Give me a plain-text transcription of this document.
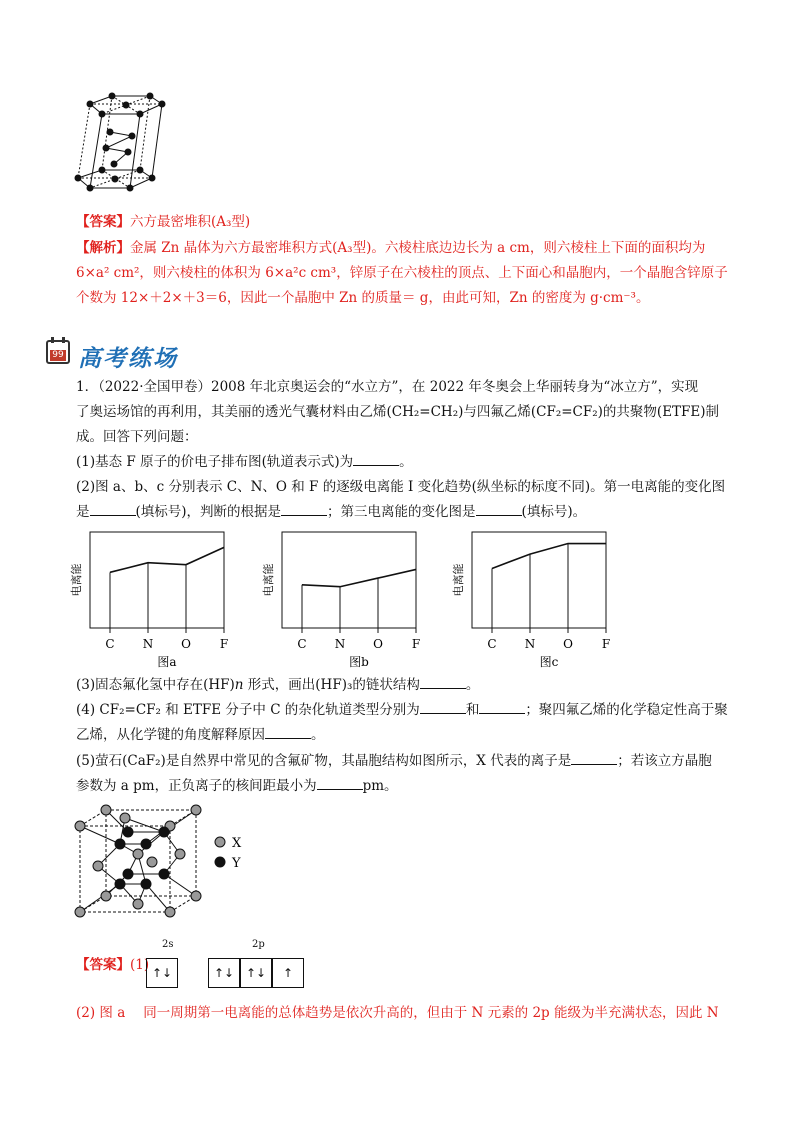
【答案】六方最密堆积(A₃型)
【解析】金属 Zn 晶体为六方最密堆积方式(A₃型)。六棱柱底边边长为 a cm，则六棱柱上下面的面积均为
6×a² cm²，则六棱柱的体积为 6×a²c cm³，锌原子在六棱柱的顶点、上下面心和晶胞内，一个晶胞含锌原子
个数为 12×＋2×＋3＝6，因此一个晶胞中 Zn 的质量＝ g，由此可知，Zn 的密度为 g·cm⁻³。
99 高考练场
1．（2022·全国甲卷）2008 年北京奥运会的“水立方”，在 2022 年冬奥会上华丽转身为“冰立方”，实现
了奥运场馆的再利用，其美丽的透光气囊材料由乙烯(CH₂=CH₂)与四氟乙烯(CF₂=CF₂)的共聚物(ETFE)制
成。回答下列问题：
(1)基态 F 原子的价电子排布图(轨道表示式)为	。
(2)图 a、b、c 分别表示 C、N、O 和 F 的逐级电离能 I 变化趋势(纵坐标的标度不同)。第一电离能的变化图
是	(填标号)，判断的根据是	；第三电离能的变化图是	(填标号)。
电离能
C N O F
图a
电离能
C N O F
图b
电离能
C N O F
图c
(3)固态氟化氢中存在(HF)n 形式，画出(HF)₃的链状结构	。
(4) CF₂=CF₂ 和 ETFE 分子中 C 的杂化轨道类型分别为	和	；聚四氟乙烯的化学稳定性高于聚
乙烯，从化学键的角度解释原因	。
(5)萤石(CaF₂)是自然界中常见的含氟矿物，其晶胞结构如图所示，X 代表的离子是	；若该立方晶胞
参数为 a pm，正负离子的核间距最小为	pm。
X
Y
2s	2p
【答案】(1) ↑↓	↑↓ ↑↓	↑
(2) 图 a 同一周期第一电离能的总体趋势是依次升高的，但由于 N 元素的 2p 能级为半充满状态，因此 N
